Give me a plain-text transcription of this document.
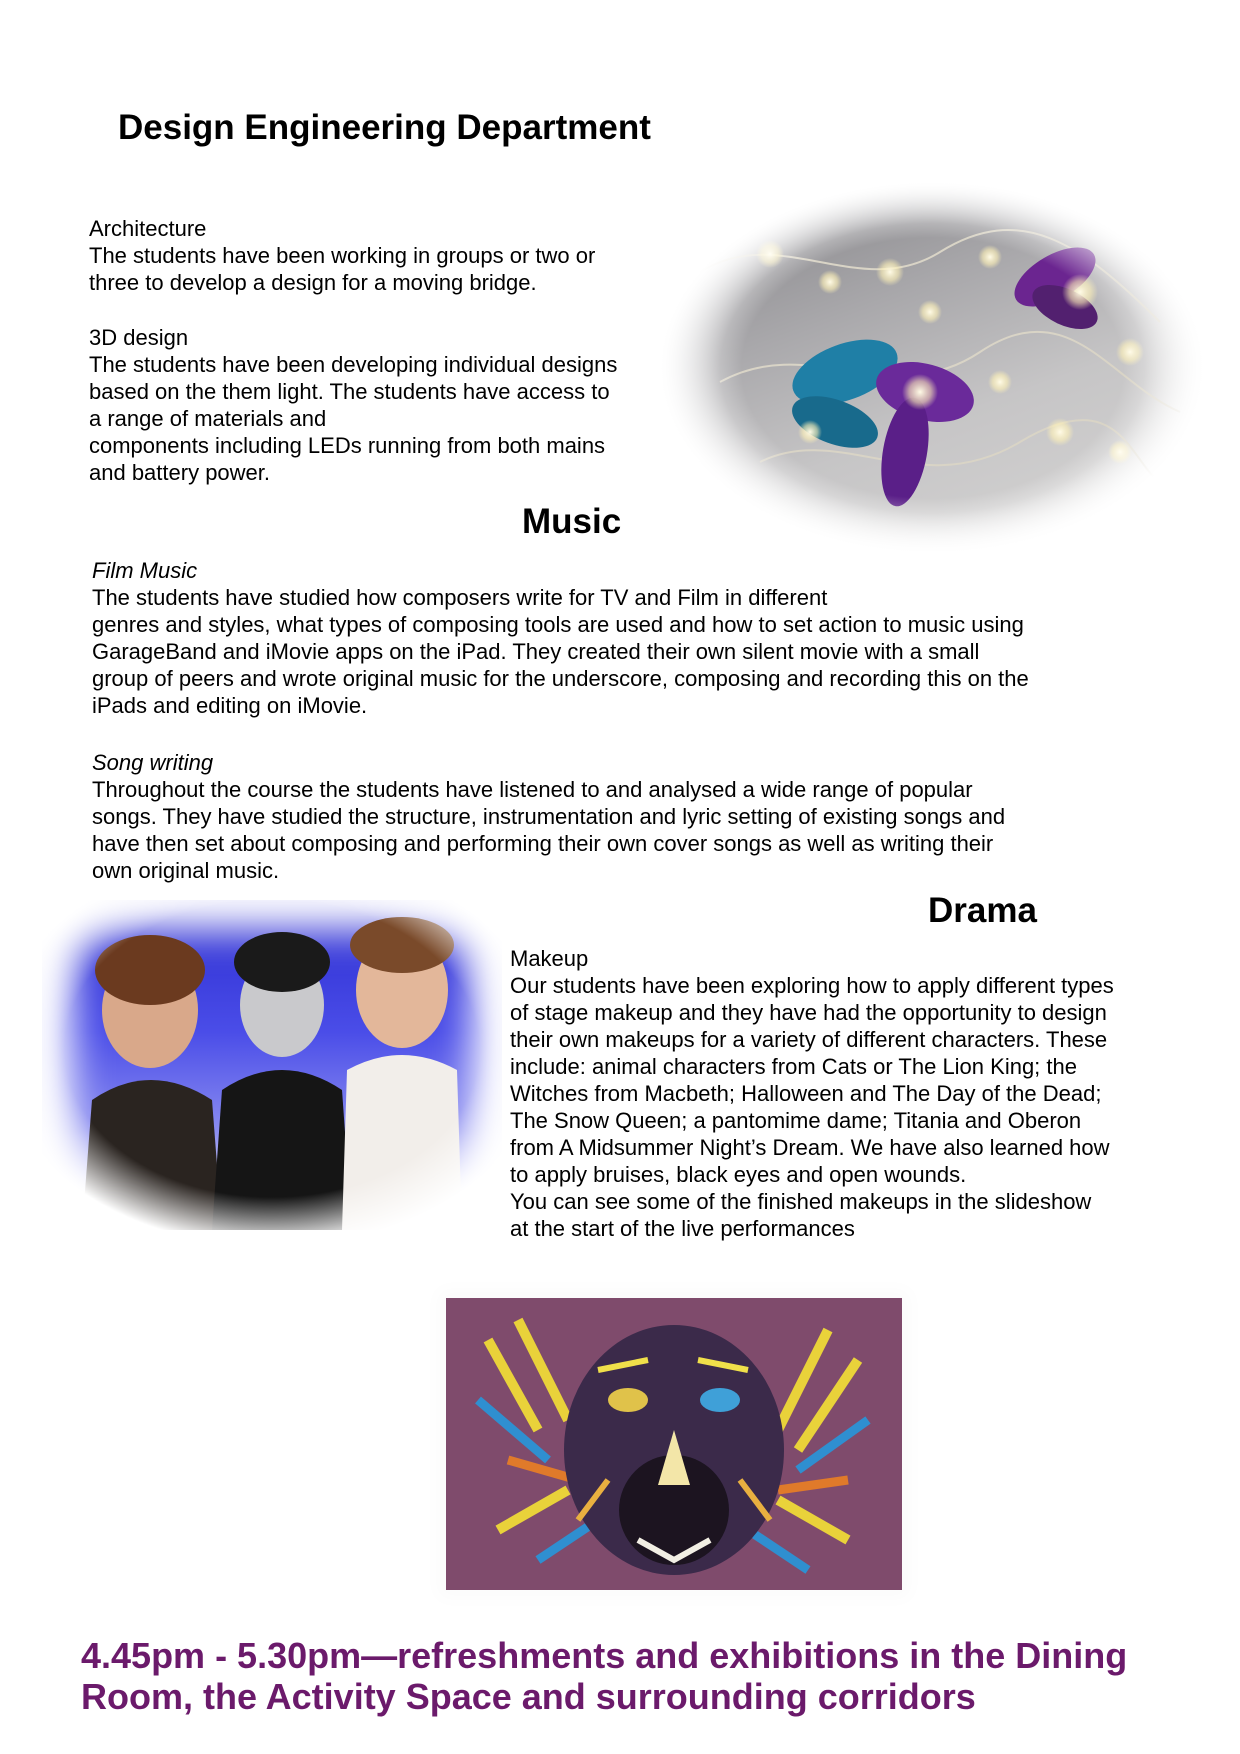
Design Engineering Department

Architecture

The students have been working in groups or two or
three to develop a design for a moving bridge.

3D design

The students have been developing individual designs
based on the them light. The students have access to
a range of materials and
components including LEDs running from both mains
and battery power.

Music

Film Music

The students have studied how composers write for TV and Film in different
genres and styles, what types of composing tools are used and how to set action to music using
GarageBand and iMovie apps on the iPad. They created their own silent movie with a small
group of peers and wrote original music for the underscore, composing and recording this on the
iPads and editing on iMovie.

Song writing

Throughout the course the students have listened to and analysed a wide range of popular
songs. They have studied the structure, instrumentation and lyric setting of existing songs and
have then set about composing and performing their own cover songs as well as writing their
own original music.

Drama

Makeup

Our students have been exploring how to apply different types
of stage makeup and they have had the opportunity to design
their own makeups for a variety of different characters. These
include: animal characters from Cats or The Lion King; the
Witches from Macbeth; Halloween and The Day of the Dead;
The Snow Queen; a pantomime dame; Titania and Oberon
from A Midsummer Night’s Dream. We have also learned how
to apply bruises, black eyes and open wounds.
You can see some of the finished makeups in the slideshow
at the start of the live performances

4.45pm - 5.30pm—refreshments and exhibitions in the Dining
Room, the Activity Space and surrounding corridors
